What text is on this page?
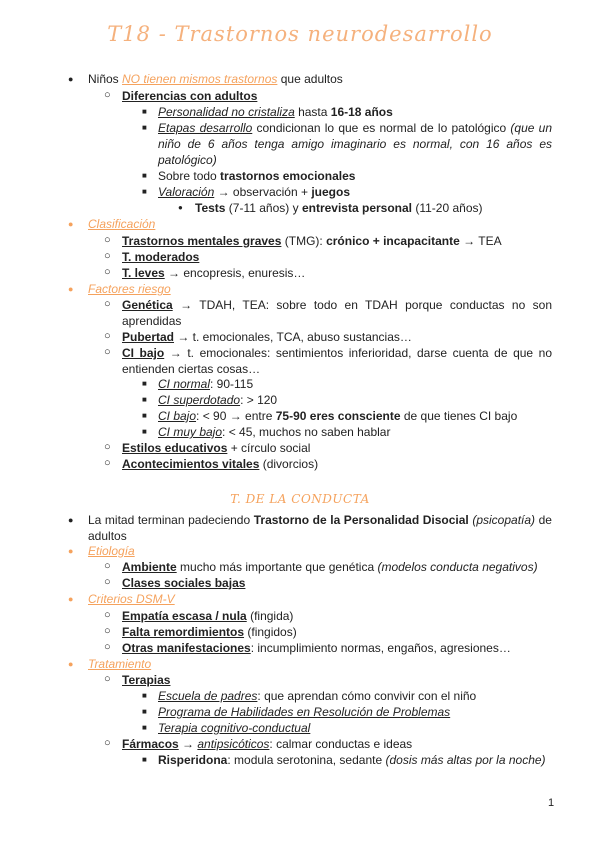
T18 - Trastornos neurodesarrollo
● Niños NO tienen mismos trastornos que adultos
○ Diferencias con adultos
■ Personalidad no cristaliza hasta 16-18 años
■ Etapas desarrollo condicionan lo que es normal de lo patológico (que un niño de 6 años tenga amigo imaginario es normal, con 16 años es patológico)
■ Sobre todo trastornos emocionales
■ Valoración → observación + juegos
● Tests (7-11 años) y entrevista personal (11-20 años)
● Clasificación
○ Trastornos mentales graves (TMG): crónico + incapacitante → TEA
○ T. moderados
○ T. leves → encopresis, enuresis…
● Factores riesgo
○ Genética → TDAH, TEA: sobre todo en TDAH porque conductas no son aprendidas
○ Pubertad → t. emocionales, TCA, abuso sustancias…
○ CI bajo → t. emocionales: sentimientos inferioridad, darse cuenta de que no entienden ciertas cosas…
■ CI normal: 90-115
■ CI superdotado: > 120
■ CI bajo: < 90 → entre 75-90 eres consciente de que tienes CI bajo
■ CI muy bajo: < 45, muchos no saben hablar
○ Estilos educativos + círculo social
○ Acontecimientos vitales (divorcios)
T. DE LA CONDUCTA
● La mitad terminan padeciendo Trastorno de la Personalidad Disocial (psicopatía) de adultos
● Etiología
○ Ambiente mucho más importante que genética (modelos conducta negativos)
○ Clases sociales bajas
● Criterios DSM-V
○ Empatía escasa / nula (fingida)
○ Falta remordimientos (fingidos)
○ Otras manifestaciones: incumplimiento normas, engaños, agresiones…
● Tratamiento
○ Terapias
■ Escuela de padres: que aprendan cómo convivir con el niño
■ Programa de Habilidades en Resolución de Problemas
■ Terapia cognitivo-conductual
○ Fármacos → antipsicóticos: calmar conductas e ideas
■ Risperidona: modula serotonina, sedante (dosis más altas por la noche)
1
